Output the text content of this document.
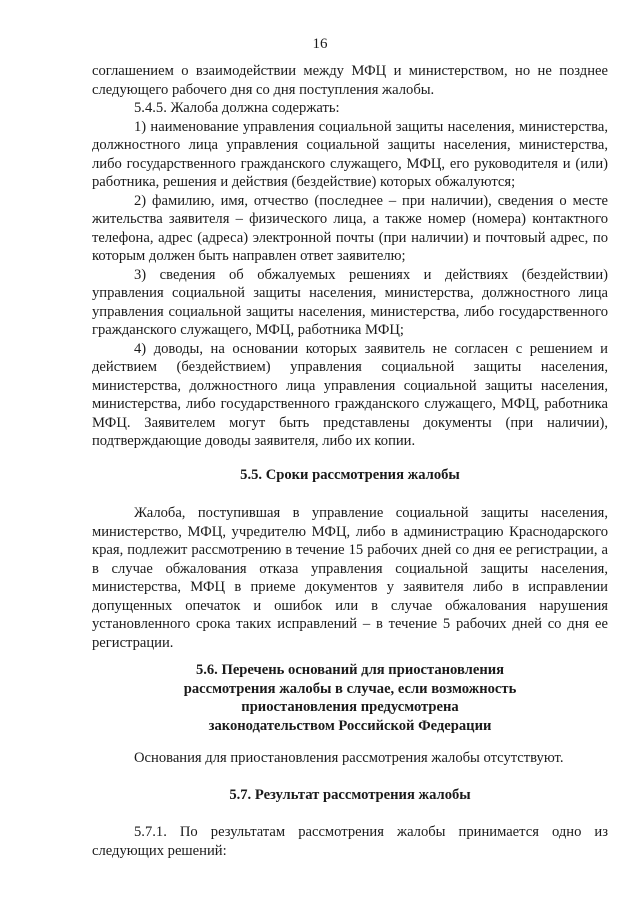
16

соглашением о взаимодействии между МФЦ и министерством, но не позднее следующего рабочего дня со дня поступления жалобы.

5.4.5. Жалоба должна содержать:

1) наименование управления социальной защиты населения, министерства, должностного лица управления социальной защиты населения, министерства, либо государственного гражданского служащего, МФЦ, его руководителя и (или) работника, решения и действия (бездействие) которых обжалуются;

2) фамилию, имя, отчество (последнее – при наличии), сведения о месте жительства заявителя – физического лица, а также номер (номера) контактного телефона, адрес (адреса) электронной почты (при наличии) и почтовый адрес, по которым должен быть направлен ответ заявителю;

3) сведения об обжалуемых решениях и действиях (бездействии) управления социальной защиты населения, министерства, должностного лица управления социальной защиты населения, министерства, либо государственного гражданского служащего, МФЦ, работника МФЦ;

4) доводы, на основании которых заявитель не согласен с решением и действием (бездействием) управления социальной защиты населения, министерства, должностного лица управления социальной защиты населения, министерства, либо государственного гражданского служащего, МФЦ, работника МФЦ. Заявителем могут быть представлены документы (при наличии), подтверждающие доводы заявителя, либо их копии.

5.5. Сроки рассмотрения жалобы

Жалоба, поступившая в управление социальной защиты населения, министерство, МФЦ, учредителю МФЦ, либо в администрацию Краснодарского края, подлежит рассмотрению в течение 15 рабочих дней со дня ее регистрации, а в случае обжалования отказа управления социальной защиты населения, министерства, МФЦ в приеме документов у заявителя либо в исправлении допущенных опечаток и ошибок или в случае обжалования нарушения установленного срока таких исправлений – в течение 5 рабочих дней со дня ее регистрации.

5.6. Перечень оснований для приостановления
рассмотрения жалобы в случае, если возможность
приостановления предусмотрена
законодательством Российской Федерации

Основания для приостановления рассмотрения жалобы отсутствуют.

5.7. Результат рассмотрения жалобы

5.7.1. По результатам рассмотрения жалобы принимается одно из следующих решений:
